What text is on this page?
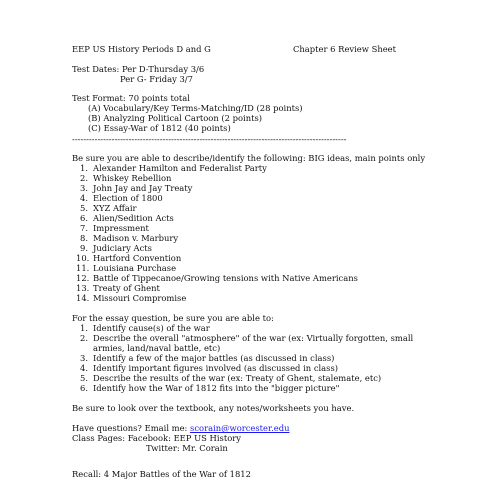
EEP US History Periods D and G	Chapter 6 Review Sheet
Test Dates: Per D-Thursday 3/6
Per G- Friday 3/7
Test Format: 70 points total
(A) Vocabulary/Key Terms-Matching/ID (28 points)
(B) Analyzing Political Cartoon (2 points)
(C) Essay-War of 1812 (40 points)
-------------------------------------------------------------------------------------------------
Be sure you are able to describe/identify the following: BIG ideas, main points only
1. Alexander Hamilton and Federalist Party
2. Whiskey Rebellion
3. John Jay and Jay Treaty
4. Election of 1800
5. XYZ Affair
6. Alien/Sedition Acts
7. Impressment
8. Madison v. Marbury
9. Judiciary Acts
10. Hartford Convention
11. Louisiana Purchase
12. Battle of Tippecanoe/Growing tensions with Native Americans
13. Treaty of Ghent
14. Missouri Compromise
For the essay question, be sure you are able to:
1. Identify cause(s) of the war
2. Describe the overall "atmosphere" of the war (ex: Virtually forgotten, small
armies, land/naval battle, etc)
3. Identify a few of the major battles (as discussed in class)
4. Identify important figures involved (as discussed in class)
5. Describe the results of the war (ex: Treaty of Ghent, stalemate, etc)
6. Identify how the War of 1812 fits into the "bigger picture"
Be sure to look over the textbook, any notes/worksheets you have.
Have questions? Email me: scorain@worcester.edu
Class Pages: Facebook: EEP US History
Twitter: Mr. Corain
Recall: 4 Major Battles of the War of 1812
